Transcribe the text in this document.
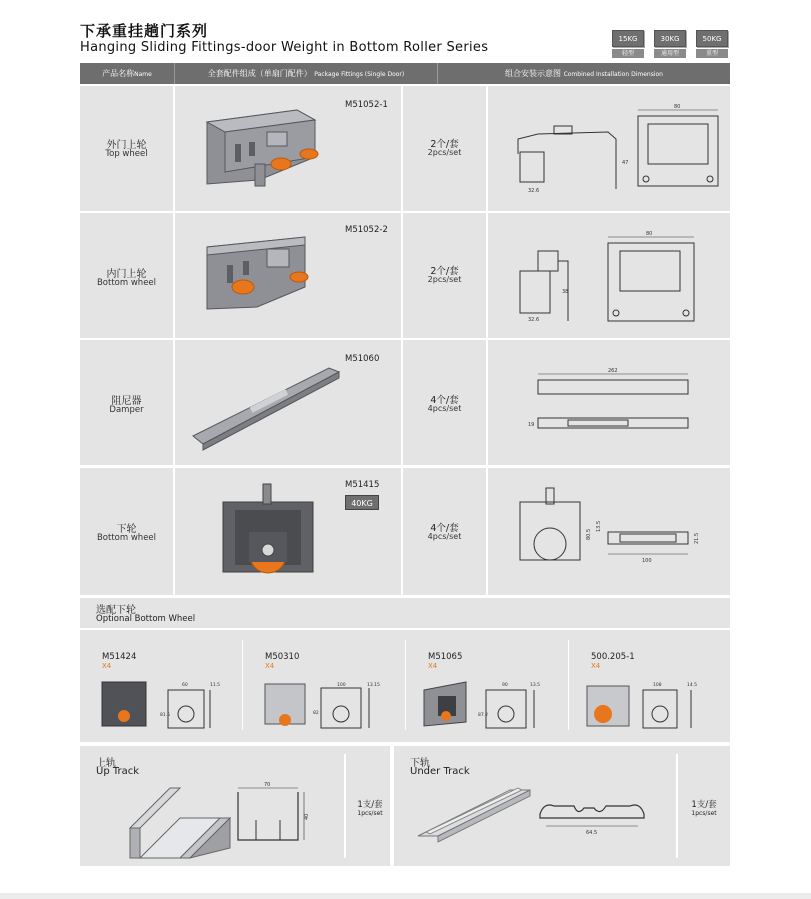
下承重挂趟门系列
Hanging Sliding Fittings-door Weight in Bottom Roller Series
15KG
轻型
30KG
通用型
50KG
重型
产品名称Name	全套配件组成（单扇门配件） Package Fittings (Single Door)	组合安装示意图 Combined Installation Dimension
外门上轮
Top wheel
M51052-1
2个/套
2pcs/set
32.6
47
80
内门上轮
Bottom wheel
M51052-2
2个/套
2pcs/set
32.6
38
80
阻尼器
Damper
M51060
4个/套
4pcs/set
262
19
下轮
Bottom wheel
M51415
40KG
4个/套
4pcs/set	80.5
13.5
100
21.5
选配下轮
Optional Bottom Wheel
M51424
X4
60	11.5
81.5
M50310
X4
100	13.15
82
M51065
X4
90	13.5
87.2
500.205-1
X4
108	14.5
上轨
Up Track
70
40
1支/套
1pcs/set
下轨
Under Track
64.5
1支/套
1pcs/set
